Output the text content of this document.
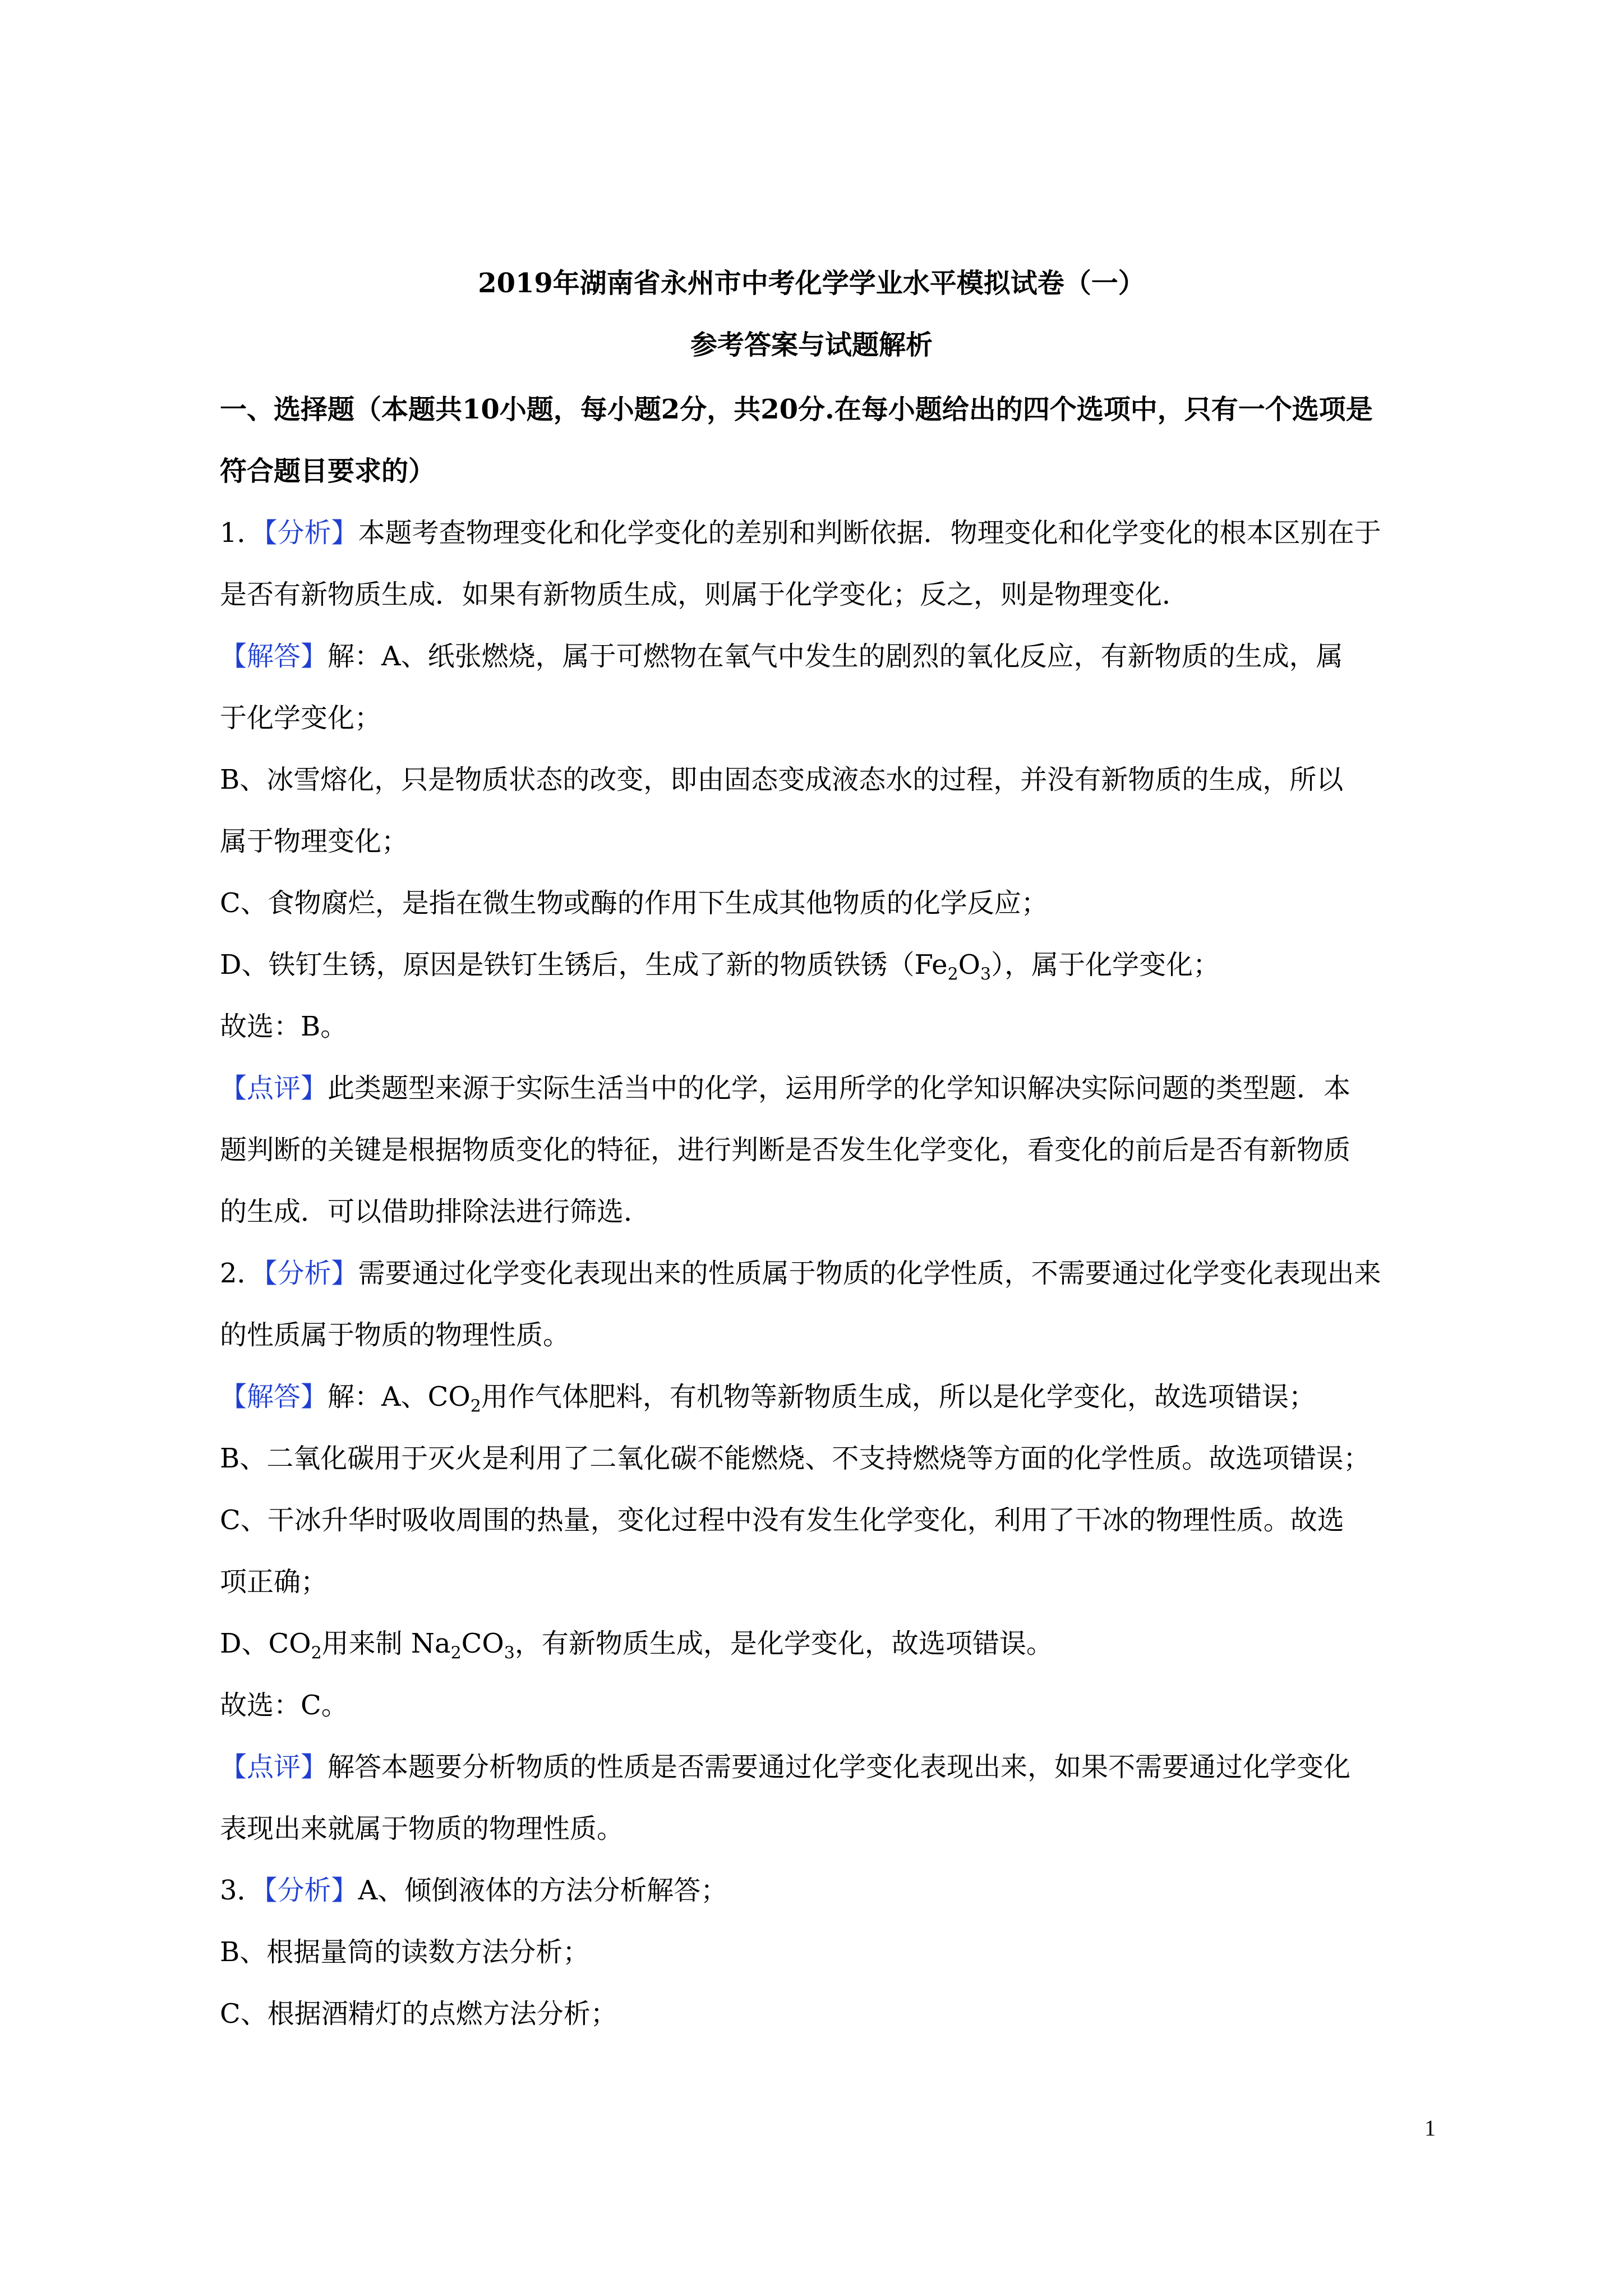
2019年湖南省永州市中考化学学业水平模拟试卷（一）
参考答案与试题解析
一、选择题（本题共10小题，每小题2分，共20分.在每小题给出的四个选项中，只有一个选项是
符合题目要求的）
1．【分析】本题考查物理变化和化学变化的差别和判断依据．物理变化和化学变化的根本区别在于
是否有新物质生成．如果有新物质生成，则属于化学变化；反之，则是物理变化．
【解答】解：A、纸张燃烧，属于可燃物在氧气中发生的剧烈的氧化反应，有新物质的生成，属
于化学变化；
B、冰雪熔化，只是物质状态的改变，即由固态变成液态水的过程，并没有新物质的生成，所以
属于物理变化；
C、食物腐烂，是指在微生物或酶的作用下生成其他物质的化学反应；
D、铁钉生锈，原因是铁钉生锈后，生成了新的物质铁锈$(Fe_2O_3)$，属于化学变化；
故选：B。
【点评】此类题型来源于实际生活当中的化学，运用所学的化学知识解决实际问题的类型题．本
题判断的关键是根据物质变化的特征，进行判断是否发生化学变化，看变化的前后是否有新物质
的生成．可以借助排除法进行筛选．
2．【分析】需要通过化学变化表现出来的性质属于物质的化学性质，不需要通过化学变化表现出来
的性质属于物质的物理性质。
【解答】解：A、$CO_2$用作气体肥料，有机物等新物质生成，所以是化学变化，故选项错误；
B、二氧化碳用于灭火是利用了二氧化碳不能燃烧、不支持燃烧等方面的化学性质。故选项错误；
C、干冰升华时吸收周围的热量，变化过程中没有发生化学变化，利用了干冰的物理性质。故选
项正确；
D、$CO_2$用来制 $Na_2CO_3$，有新物质生成，是化学变化，故选项错误。
故选：C。
【点评】解答本题要分析物质的性质是否需要通过化学变化表现出来，如果不需要通过化学变化
表现出来就属于物质的物理性质。
3．【分析】A、倾倒液体的方法分析解答；
B、根据量筒的读数方法分析；
C、根据酒精灯的点燃方法分析；
1
